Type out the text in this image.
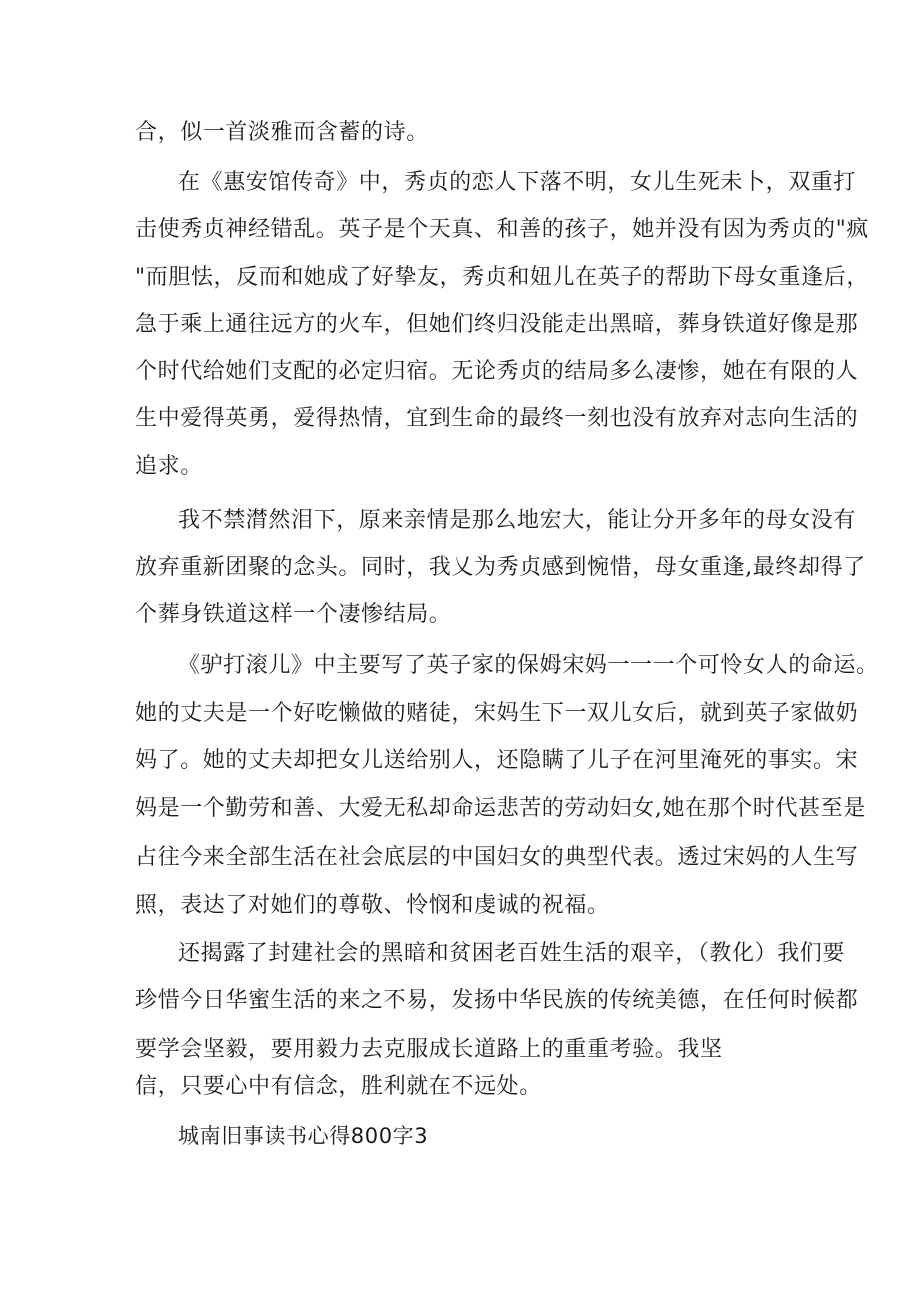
合，似一首淡雅而含蓄的诗。
在《惠安馆传奇》中，秀贞的恋人下落不明，女儿生死未卜，双重打
击使秀贞神经错乱。英子是个天真、和善的孩子，她并没有因为秀贞的"疯
"而胆怯，反而和她成了好挚友，秀贞和妞儿在英子的帮助下母女重逢后，
急于乘上通往远方的火车，但她们终归没能走出黑暗，葬身铁道好像是那
个时代给她们支配的必定归宿。无论秀贞的结局多么凄惨，她在有限的人
生中爱得英勇，爱得热情，宜到生命的最终一刻也没有放弃对志向生活的
追求。
我不禁潸然泪下，原来亲情是那么地宏大，能让分开多年的母女没有
放弃重新团聚的念头。同时，我乂为秀贞感到惋惜，母女重逢,最终却得了
个葬身铁道这样一个凄惨结局。
《驴打滚儿》中主要写了英子家的保姆宋妈一一一个可怜女人的命运。
她的丈夫是一个好吃懒做的赌徒，宋妈生下一双儿女后，就到英子家做奶
妈了。她的丈夫却把女儿送给别人，还隐瞒了儿子在河里淹死的事实。宋
妈是一个勤劳和善、大爱无私却命运悲苦的劳动妇女,她在那个时代甚至是
占往今来全部生活在社会底层的中国妇女的典型代表。透过宋妈的人生写
照，表达了对她们的尊敬、怜悯和虔诚的祝福。
还揭露了封建社会的黑暗和贫困老百姓生活的艰辛，（教化）我们要
珍惜今日华蜜生活的来之不易，发扬中华民族的传统美德，在任何时候都
要学会坚毅，要用毅力去克服成长道路上的重重考验。我坚
信，只要心中有信念，胜利就在不远处。
城南旧事读书心得800字3
